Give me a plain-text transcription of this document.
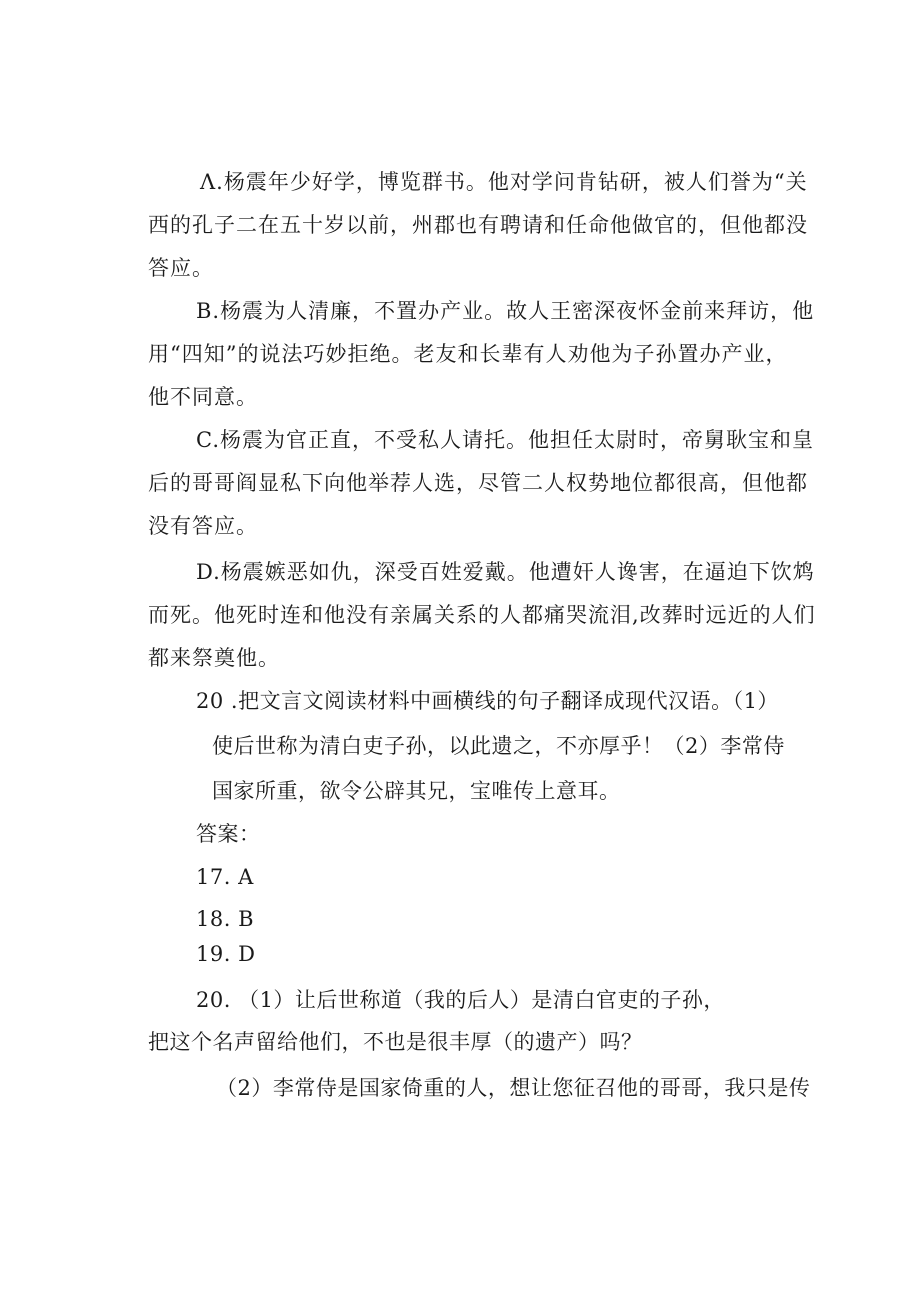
Λ.杨震年少好学，博览群书。他对学问肯钻研，被人们誉为“关
西的孔子二在五十岁以前，州郡也有聘请和任命他做官的，但他都没
答应。
B.杨震为人清廉，不置办产业。故人王密深夜怀金前来拜访，他
用“四知”的说法巧妙拒绝。老友和长辈有人劝他为子孙置办产业，
他不同意。
C.杨震为官正直，不受私人请托。他担任太尉时，帝舅耿宝和皇
后的哥哥阎显私下向他举荐人选，尽管二人权势地位都很高，但他都
没有答应。
D.杨震嫉恶如仇，深受百姓爱戴。他遭奸人谗害，在逼迫下饮鸩
而死。他死时连和他没有亲属关系的人都痛哭流泪,改葬时远近的人们
都来祭奠他。
20 .把文言文阅读材料中画横线的句子翻译成现代汉语。（1）
使后世称为清白吏子孙，以此遗之，不亦厚乎！（2）李常侍
国家所重，欲令公辟其兄，宝唯传上意耳。
答案：
17. A
18. B
19. D
20. （1）让后世称道（我的后人）是清白官吏的子孙，
把这个名声留给他们，不也是很丰厚（的遗产）吗？
（2）李常侍是国家倚重的人，想让您征召他的哥哥，我只是传
